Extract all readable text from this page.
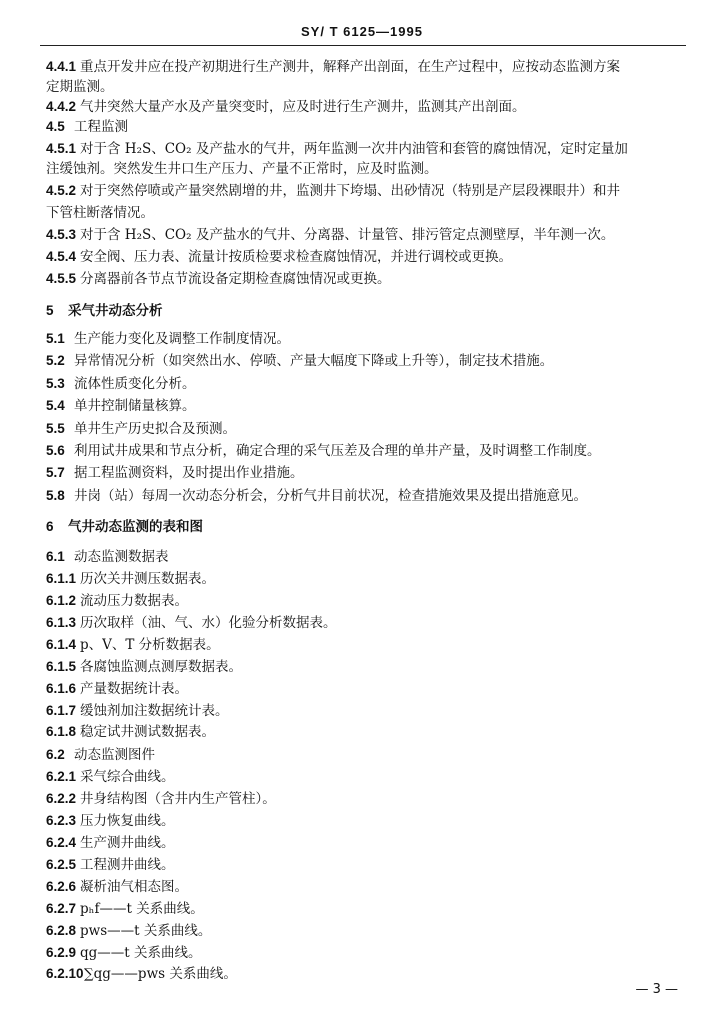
SY/ T 6125—1995
4.4.1 重点开发井应在投产初期进行生产测井，解释产出剖面，在生产过程中，应按动态监测方案
定期监测。
4.4.2 气井突然大量产水及产量突变时，应及时进行生产测井，监测其产出剖面。
4.5 工程监测
4.5.1 对于含 H₂S、CO₂ 及产盐水的气井，两年监测一次井内油管和套管的腐蚀情况，定时定量加
注缓蚀剂。突然发生井口生产压力、产量不正常时，应及时监测。
4.5.2 对于突然停喷或产量突然剧增的井，监测井下垮塌、出砂情况（特别是产层段裸眼井）和井
下管柱断落情况。
4.5.3 对于含 H₂S、CO₂ 及产盐水的气井、分离器、计量管、排污管定点测壁厚，半年测一次。
4.5.4 安全阀、压力表、流量计按质检要求检查腐蚀情况，并进行调校或更换。
4.5.5 分离器前各节点节流设备定期检查腐蚀情况或更换。
5 采气井动态分析
5.1 生产能力变化及调整工作制度情况。
5.2 异常情况分析（如突然出水、停喷、产量大幅度下降或上升等），制定技术措施。
5.3 流体性质变化分析。
5.4 单井控制储量核算。
5.5 单井生产历史拟合及预测。
5.6 利用试井成果和节点分析，确定合理的采气压差及合理的单井产量，及时调整工作制度。
5.7 据工程监测资料，及时提出作业措施。
5.8 井岗（站）每周一次动态分析会，分析气井目前状况，检查措施效果及提出措施意见。
6 气井动态监测的表和图
6.1 动态监测数据表
6.1.1 历次关井测压数据表。
6.1.2 流动压力数据表。
6.1.3 历次取样（油、气、水）化验分析数据表。
6.1.4 p、V、T 分析数据表。
6.1.5 各腐蚀监测点测厚数据表。
6.1.6 产量数据统计表。
6.1.7 缓蚀剂加注数据统计表。
6.1.8 稳定试井测试数据表。
6.2 动态监测图件
6.2.1 采气综合曲线。
6.2.2 井身结构图（含井内生产管柱）。
6.2.3 压力恢复曲线。
6.2.4 生产测井曲线。
6.2.5 工程测井曲线。
6.2.6 凝析油气相态图。
6.2.7 pₕf——t 关系曲线。
6.2.8 pws——t 关系曲线。
6.2.9 qg——t 关系曲线。
6.2.10∑qg——pws 关系曲线。
— 3 —
